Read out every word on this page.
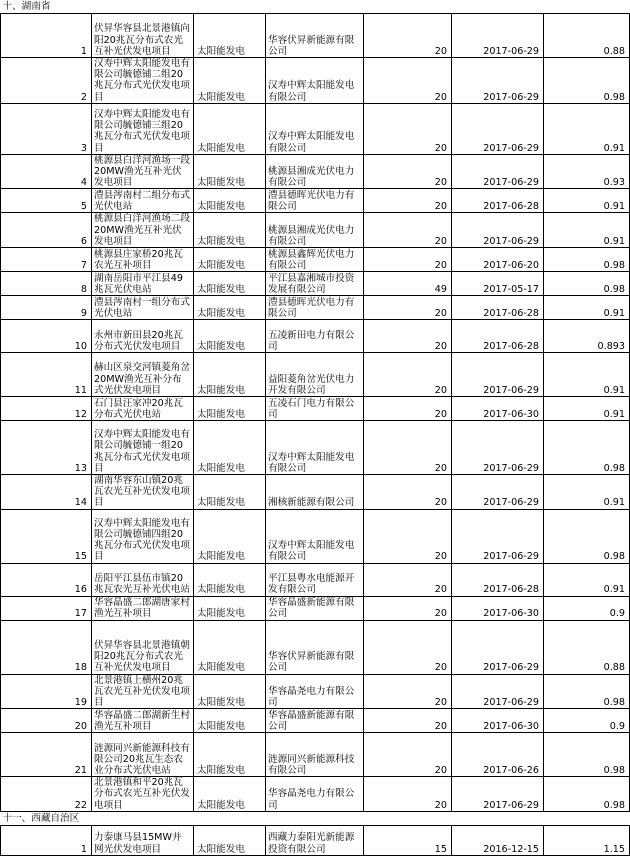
十、湖南省						
1	伏昇华容县北景港镇向阳20兆瓦分布式农光互补光伏发电项目	太阳能发电	华容伏昇新能源有限公司	20	2017-06-29	0.88
2	汉寿中辉太阳能发电有限公司毓德铺二组20兆瓦分布式光伏发电项目	太阳能发电	汉寿中辉太阳能发电有限公司	20	2017-06-29	0.98
3	汉寿中辉太阳能发电有限公司毓德铺三组20兆瓦分布式光伏发电项目	太阳能发电	汉寿中辉太阳能发电有限公司	20	2017-06-29	0.91
4	桃源县白洋河渔场一段20MW渔光互补光伏发电项目	太阳能发电	桃源县湘成光伏电力有限公司	20	2017-06-29	0.93
5	澧县涔南村二组分布式光伏电站	太阳能发电	澧县德晖光伏电力有限公司	20	2017-06-28	0.91
6	桃源县白洋河渔场二段20MW渔光互补光伏发电项目	太阳能发电	桃源县湘成光伏电力有限公司	20	2017-06-29	0.91
7	桃源县庄家桥20兆瓦农光互补项目	太阳能发电	桃源县鑫辉光伏电力有限公司	20	2017-06-20	0.98
8	湖南岳阳市平江县49兆瓦光伏电站	太阳能发电	平江县嘉湘城市投资发展有限公司	49	2017-05-17	0.98
9	澧县涔南村一组分布式光伏电站	太阳能发电	澧县德晖光伏电力有限公司	20	2017-06-28	0.91
10	永州市新田县20兆瓦分布式光伏发电项目	太阳能发电	五凌新田电力有限公司	20	2017-06-28	0.893
11	赫山区泉交河镇菱角岔20MW渔光互补分布式光伏发电项目	太阳能发电	益阳菱角岔光伏电力开发有限公司	20	2017-06-29	0.91
12	石门县汪家冲20兆瓦分布式光伏电站	太阳能发电	五凌石门电力有限公司	20	2017-06-30	0.91
13	汉寿中辉太阳能发电有限公司毓德铺一组20兆瓦分布式光伏发电项目	太阳能发电	汉寿中辉太阳能发电有限公司	20	2017-06-29	0.98
14	湖南华容东山镇20兆瓦农光互补光伏发电项目	太阳能发电	湘核新能源有限公司	20	2017-06-29	0.91
15	汉寿中辉太阳能发电有限公司毓德铺四组20兆瓦分布式光伏发电项目	太阳能发电	汉寿中辉太阳能发电有限公司	20	2017-06-29	0.98
16	岳阳平江县伍市镇20兆瓦农光互补光伏电站	太阳能发电	平江县粤水电能源开发有限公司	20	2017-06-28	0.91
17	华容晶盛二郎湖唐家村渔光互补项目	太阳能发电	华容晶盛新能源有限公司	20	2017-06-30	0.9
18	伏昇华容县北景港镇朝阳20兆瓦分布式农光互补光伏发电项目	太阳能发电	华容伏昇新能源有限公司	20	2017-06-29	0.88
19	北景港镇上横州20兆瓦农光互补光伏发电项目	太阳能发电	华容晶尧电力有限公司	20	2017-06-29	0.98
20	华容晶盛二郎湖新生村渔光互补项目	太阳能发电	华容晶盛新能源有限公司	20	2017-06-30	0.9
21	涟源同兴新能源科技有限公司20兆瓦生态农业分布式光伏电站	太阳能发电	涟源同兴新能源科技有限公司	20	2017-06-26	0.98
22	北景港镇和平20兆瓦分布式农光互补光伏发电项目	太阳能发电	华容晶尧电力有限公司	20	2017-06-29	0.98
十一、西藏自治区						
1	力泰康马县15MW并网光伏发电项目	太阳能发电	西藏力泰阳光新能源投资有限公司	15	2016-12-15	1.15
